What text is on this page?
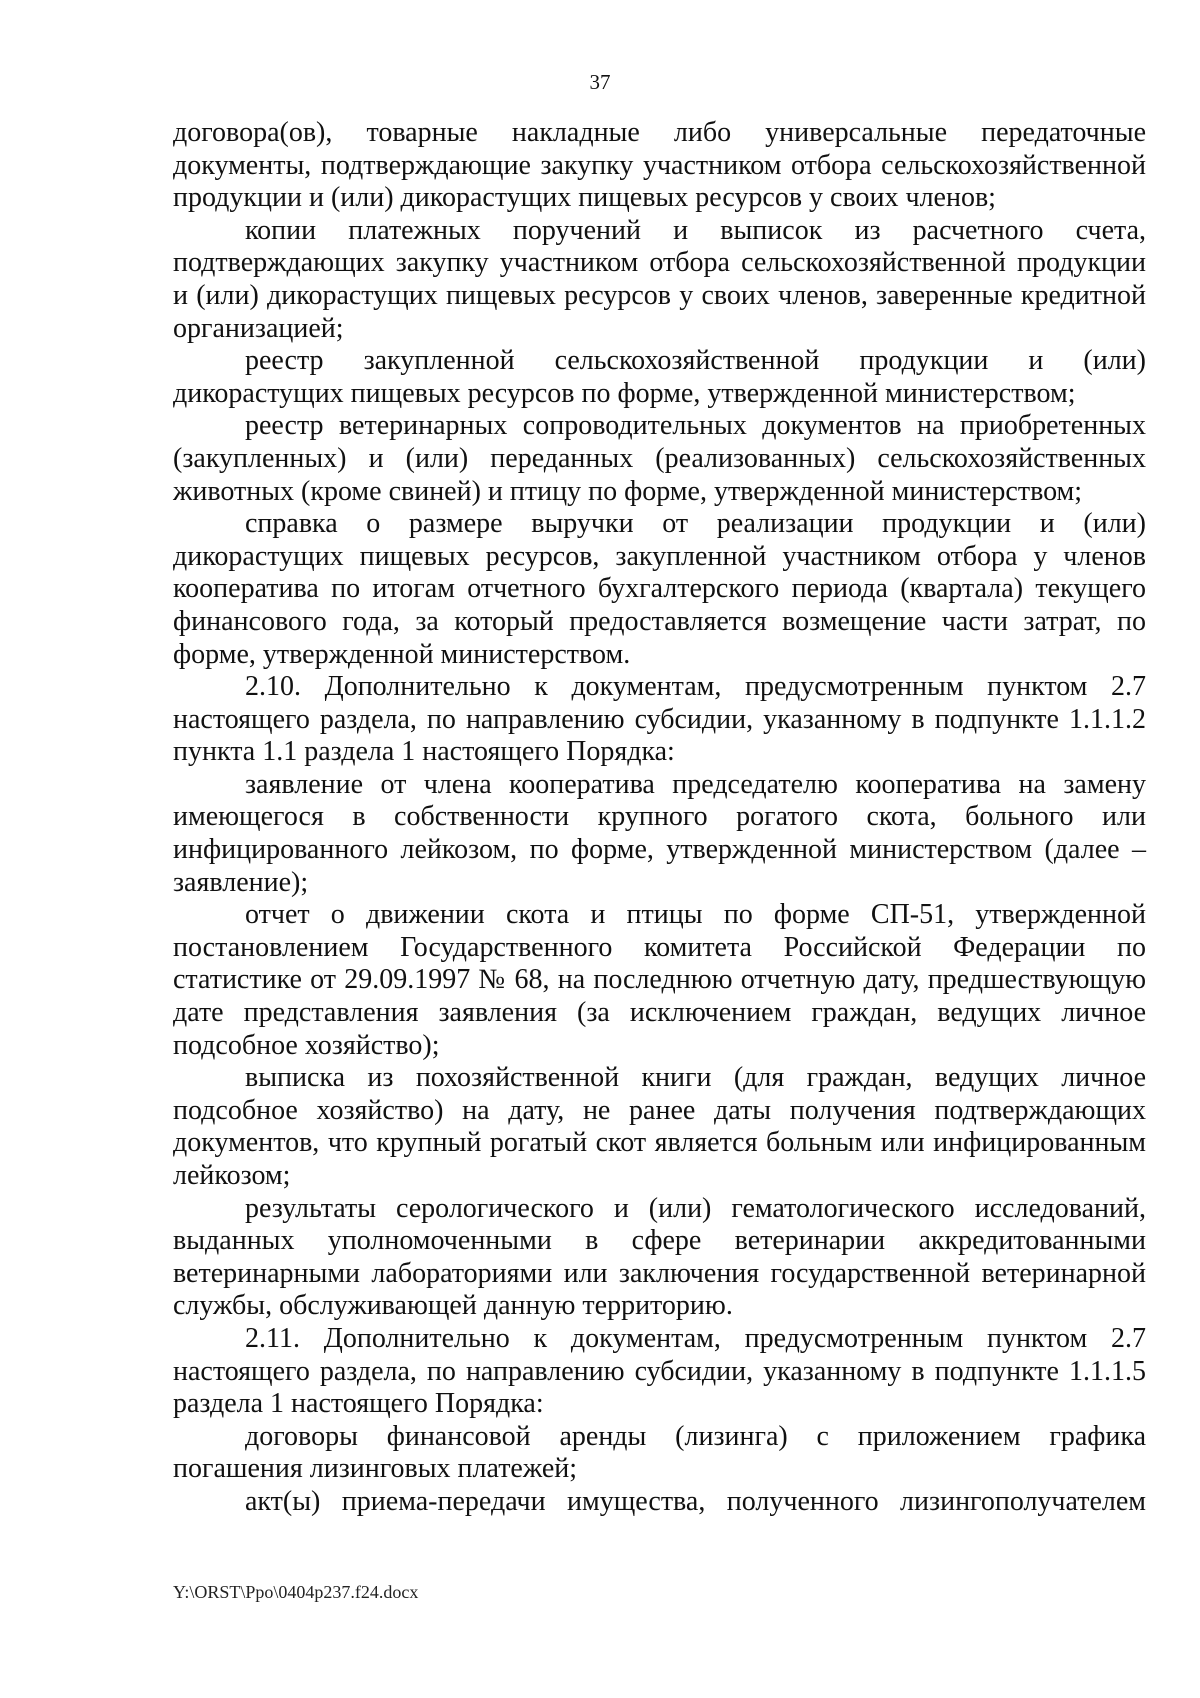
37

договора(ов), товарные накладные либо универсальные передаточные документы, подтверждающие закупку участником отбора сельскохозяйственной продукции и (или) дикорастущих пищевых ресурсов у своих членов;

копии платежных поручений и выписок из расчетного счета, подтверждающих закупку участником отбора сельскохозяйственной продукции и (или) дикорастущих пищевых ресурсов у своих членов, заверенные кредитной организацией;

реестр закупленной сельскохозяйственной продукции и (или) дикорастущих пищевых ресурсов по форме, утвержденной министерством;

реестр ветеринарных сопроводительных документов на приобретенных (закупленных) и (или) переданных (реализованных) сельскохозяйственных животных (кроме свиней) и птицу по форме, утвержденной министерством;

справка о размере выручки от реализации продукции и (или) дикорастущих пищевых ресурсов, закупленной участником отбора у членов кооператива по итогам отчетного бухгалтерского периода (квартала) текущего финансового года, за который предоставляется возмещение части затрат, по форме, утвержденной министерством.

2.10. Дополнительно к документам, предусмотренным пунктом 2.7 настоящего раздела, по направлению субсидии, указанному в подпункте 1.1.1.2 пункта 1.1 раздела 1 настоящего Порядка:

заявление от члена кооператива председателю кооператива на замену имеющегося в собственности крупного рогатого скота, больного или инфицированного лейкозом, по форме, утвержденной министерством (далее – заявление);

отчет о движении скота и птицы по форме СП-51, утвержденной постановлением Государственного комитета Российской Федерации по статистике от 29.09.1997 № 68, на последнюю отчетную дату, предшествующую дате представления заявления (за исключением граждан, ведущих личное подсобное хозяйство);

выписка из похозяйственной книги (для граждан, ведущих личное подсобное хозяйство) на дату, не ранее даты получения подтверждающих документов, что крупный рогатый скот является больным или инфицированным лейкозом;

результаты серологического и (или) гематологического исследований, выданных уполномоченными в сфере ветеринарии аккредитованными ветеринарными лабораториями или заключения государственной ветеринарной службы, обслуживающей данную территорию.

2.11. Дополнительно к документам, предусмотренным пунктом 2.7 настоящего раздела, по направлению субсидии, указанному в подпункте 1.1.1.5 раздела 1 настоящего Порядка:

договоры финансовой аренды (лизинга) с приложением графика погашения лизинговых платежей;

акт(ы) приема-передачи имущества, полученного лизингополучателем

Y:\ORST\Ppo\0404p237.f24.docx
